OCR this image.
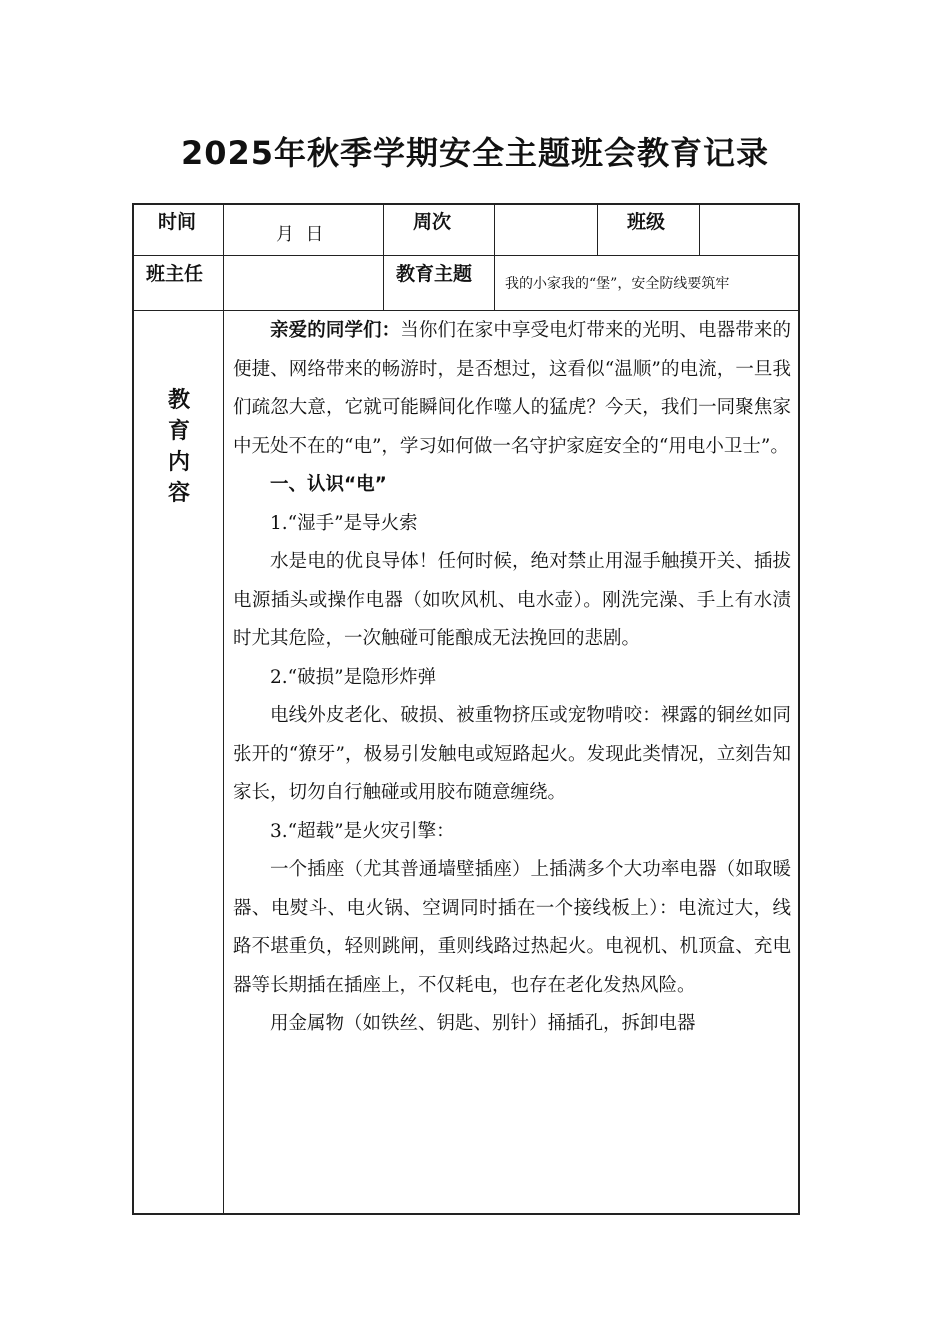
2025年秋季学期安全主题班会教育记录
时间
月  日
周次	班级
班主任	教育主题 我的小家我的“堡”，安全防线要筑牢
教
育
内
容

亲爱的同学们：当你们在家中享受电灯带来的光明、电器带来的便捷、网络带来的畅游时，是否想过，这看似“温顺”的电流，一旦我们疏忽大意，它就可能瞬间化作噬人的猛虎？今天，我们一同聚焦家中无处不在的“电”，学习如何做一名守护家庭安全的“用电小卫士”。

一、认识“电”

1.“湿手”是导火索

水是电的优良导体！任何时候，绝对禁止用湿手触摸开关、插拔电源插头或操作电器（如吹风机、电水壶）。刚洗完澡、手上有水渍时尤其危险，一次触碰可能酿成无法挽回的悲剧。

2.“破损”是隐形炸弹

电线外皮老化、破损、被重物挤压或宠物啃咬：裸露的铜丝如同张开的“獠牙”，极易引发触电或短路起火。发现此类情况，立刻告知家长，切勿自行触碰或用胶布随意缠绕。

3.“超载”是火灾引擎：

一个插座（尤其普通墙壁插座）上插满多个大功率电器（如取暖器、电熨斗、电火锅、空调同时插在一个接线板上）：电流过大，线路不堪重负，轻则跳闸，重则线路过热起火。电视机、机顶盒、充电器等长期插在插座上，不仅耗电，也存在老化发热风险。

用金属物（如铁丝、钥匙、别针）捅插孔，拆卸电器
